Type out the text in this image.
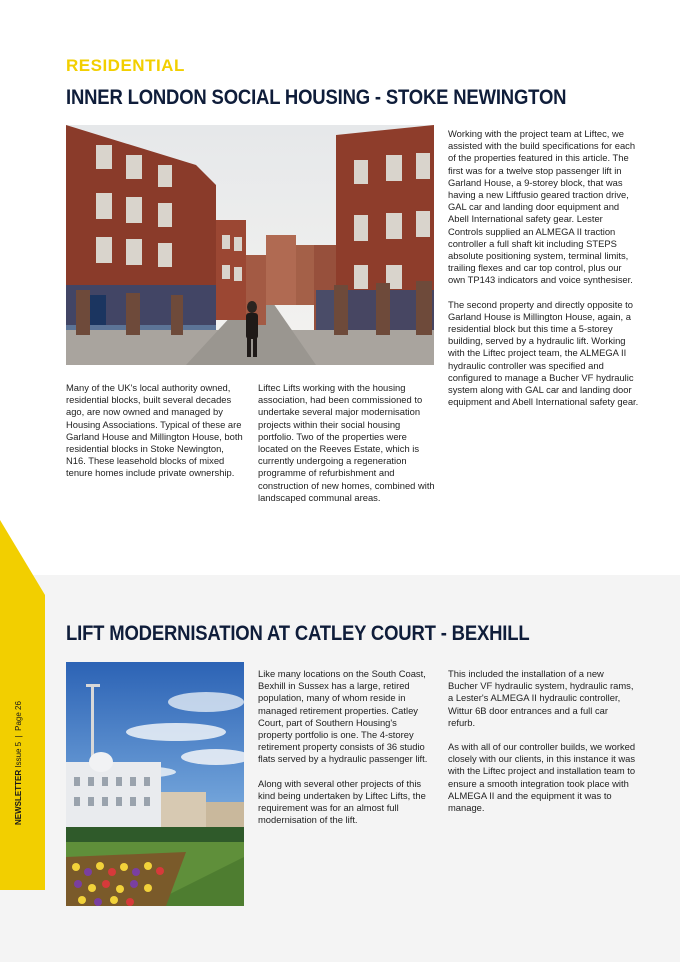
NEWSLETTER Issue 5  |  Page 26
RESIDENTIAL
INNER LONDON SOCIAL HOUSING - STOKE NEWINGTON

Many of the UK's local authority owned, residential blocks, built several decades ago, are now owned and managed by Housing Associations. Typical of these are Garland House and Millington House, both residential blocks in Stoke Newington, N16. These leasehold blocks of mixed tenure homes include private ownership.

Liftec Lifts working with the housing association, had been commissioned to undertake several major modernisation projects within their social housing portfolio. Two of the properties were located on the Reeves Estate, which is currently undergoing a regeneration programme of refurbishment and construction of new homes, combined with landscaped communal areas.

Working with the project team at Liftec, we assisted with the build specifications for each of the properties featured in this article. The first was for a twelve stop passenger lift in Garland House, a 9-storey block, that was having a new Liftfusio geared traction drive, GAL car and landing door equipment and Abell International safety gear. Lester Controls supplied an ALMEGA II traction controller a full shaft kit including STEPS absolute positioning system, terminal limits, trailing flexes and car top control, plus our own TP143 indicators and voice synthesiser.

The second property and directly opposite to Garland House is Millington House, again, a residential block but this time a 5-storey building, served by a hydraulic lift. Working with the Liftec project team, the ALMEGA II hydraulic controller was specified and configured to manage a Bucher VF hydraulic system along with GAL car and landing door equipment and Abell International safety gear.

LIFT MODERNISATION AT CATLEY COURT - BEXHILL

Like many locations on the South Coast, Bexhill in Sussex has a large, retired population, many of whom reside in managed retirement properties. Catley Court, part of Southern Housing's property portfolio is one. The 4-storey retirement property consists of 36 studio flats served by a hydraulic passenger lift.

Along with several other projects of this kind being undertaken by Liftec Lifts, the requirement was for an almost full modernisation of the lift.

This included the installation of a new Bucher VF hydraulic system, hydraulic rams, a Lester's ALMEGA II hydraulic controller, Wittur 6B door entrances and a full car refurb.

As with all of our controller builds, we worked closely with our clients, in this instance it was with the Liftec project and installation team to ensure a smooth integration took place with ALMEGA II and the equipment it was to manage.
